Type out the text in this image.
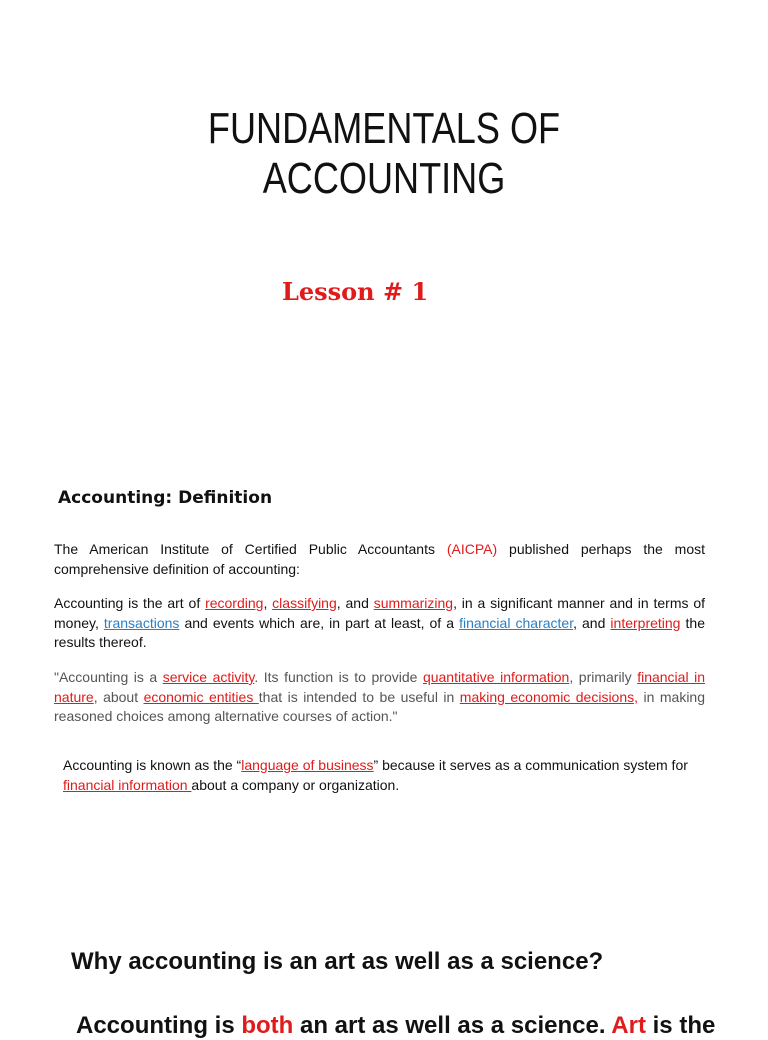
FUNDAMENTALS OF
ACCOUNTING
Lesson # 1
Accounting: Definition
The American Institute of Certified Public Accountants (AICPA) published perhaps the most comprehensive definition of accounting:
Accounting is the art of recording, classifying, and summarizing, in a significant manner and in terms of money, transactions and events which are, in part at least, of a financial character, and interpreting the results thereof.
"Accounting is a service activity. Its function is to provide quantitative information, primarily financial in nature, about economic entities that is intended to be useful in making economic decisions, in making reasoned choices among alternative courses of action."
Accounting is known as the “language of business” because it serves as a communication system for financial information about a company or organization.
Why accounting is an art as well as a science?
Accounting is both an art as well as a science. Art is the
